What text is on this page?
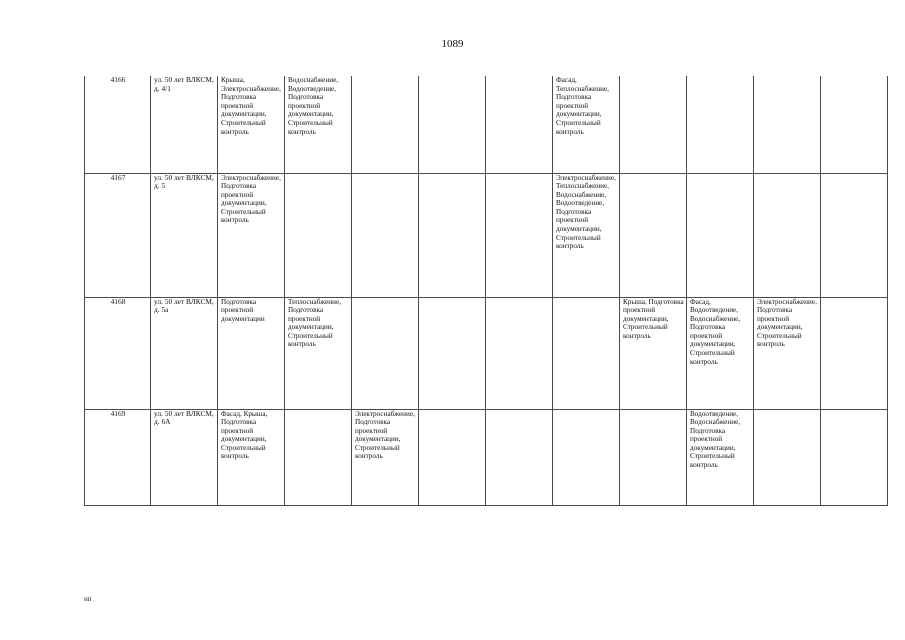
1089
4166	ул. 50 лет ВЛКСМ, д. 4/1	Крыша, Электроснабжение, Подготовка проектной документации, Строительный контроль	Водоснабжение, Водоотведение, Подготовка проектной документации, Строительный контроль				Фасад, Теплоснабжение, Подготовка проектной документации, Строительный контроль				
4167	ул. 50 лет ВЛКСМ, д. 5	Электроснабжение, Подготовка проектной документации, Строительный контроль					Электроснабжение, Теплоснабжение, Водоснабжение, Водоотведение, Подготовка проектной документации, Строительный контроль				
4168	ул. 50 лет ВЛКСМ, д. 5а	Подготовка проектной документации	Теплоснабжение, Подготовка проектной документации, Строительный контроль					Крыша, Подготовка проектной документации, Строительный контроль	Фасад, Водоотведение, Водоснабжение, Подготовка проектной документации, Строительный контроль	Электроснабжение, Подготовка проектной документации, Строительный контроль	
4169	ул. 50 лет ВЛКСМ, д. 6А	Фасад, Крыша, Подготовка проектной документации, Строительный контроль		Электроснабжение, Подготовка проектной документации, Строительный контроль					Водоотведение, Водоснабжение, Подготовка проектной документации, Строительный контроль		
нп
